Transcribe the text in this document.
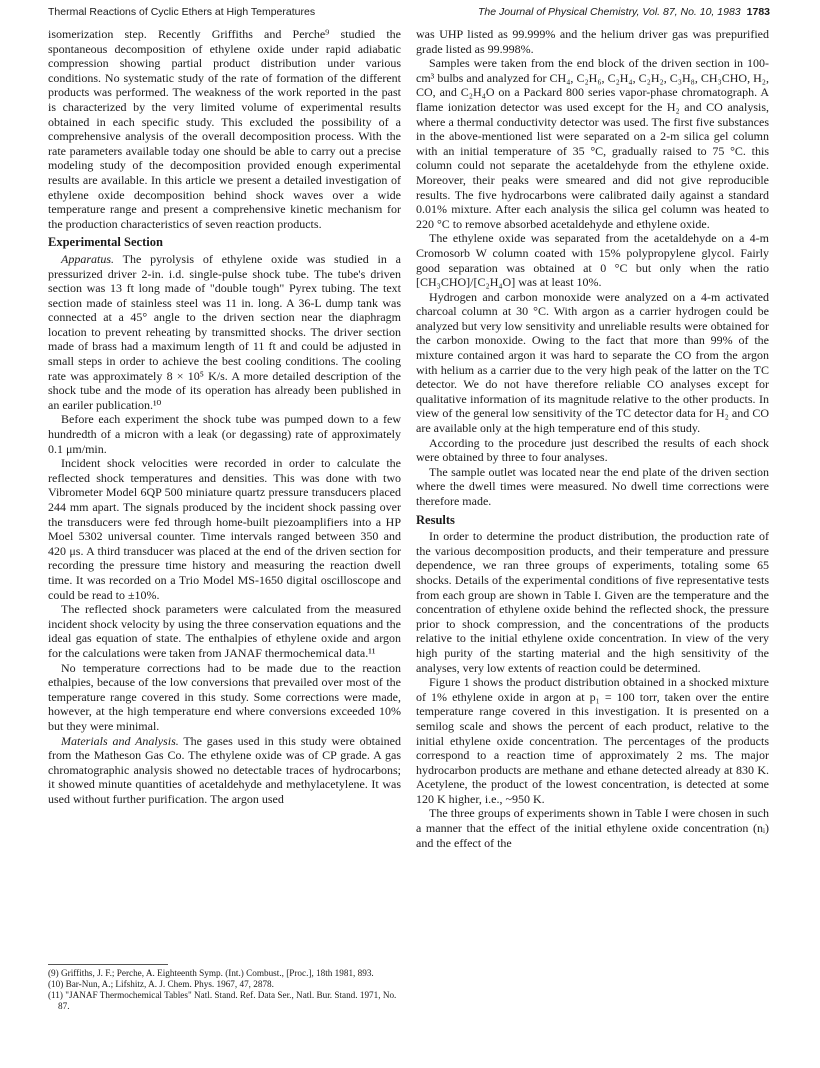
Thermal Reactions of Cyclic Ethers at High Temperatures	The Journal of Physical Chemistry, Vol. 87, No. 10, 1983 1783

isomerization step. Recently Griffiths and Perche⁹ studied the spontaneous decomposition of ethylene oxide under rapid adiabatic compression showing partial product distribution under various conditions. No systematic study of the rate of formation of the different products was performed. The weakness of the work reported in the past is characterized by the very limited volume of experimental results obtained in each specific study. This excluded the possibility of a comprehensive analysis of the overall decomposition process. With the rate parameters available today one should be able to carry out a precise modeling study of the decomposition provided enough experimental results are available. In this article we present a detailed investigation of ethylene oxide decomposition behind shock waves over a wide temperature range and present a comprehensive kinetic mechanism for the production characteristics of seven reaction products.

Experimental Section

Apparatus. The pyrolysis of ethylene oxide was studied in a pressurized driver 2-in. i.d. single-pulse shock tube. The tube's driven section was 13 ft long made of "double tough" Pyrex tubing. The text section made of stainless steel was 11 in. long. A 36-L dump tank was connected at a 45° angle to the driven section near the diaphragm location to prevent reheating by transmitted shocks. The driver section made of brass had a maximum length of 11 ft and could be adjusted in small steps in order to achieve the best cooling conditions. The cooling rate was approximately 8 × 10⁵ K/s. A more detailed description of the shock tube and the mode of its operation has already been published in an eariler publication.¹⁰

Before each experiment the shock tube was pumped down to a few hundredth of a micron with a leak (or degassing) rate of approximately 0.1 μm/min.

Incident shock velocities were recorded in order to calculate the reflected shock temperatures and densities. This was done with two Vibrometer Model 6QP 500 miniature quartz pressure transducers placed 244 mm apart. The signals produced by the incident shock passing over the transducers were fed through home-built piezoamplifiers into a HP Moel 5302 universal counter. Time intervals ranged between 350 and 420 μs. A third transducer was placed at the end of the driven section for recording the pressure time history and measuring the reaction dwell time. It was recorded on a Trio Model MS-1650 digital oscilloscope and could be read to ±10%.

The reflected shock parameters were calculated from the measured incident shock velocity by using the three conservation equations and the ideal gas equation of state. The enthalpies of ethylene oxide and argon for the calculations were taken from JANAF thermochemical data.¹¹

No temperature corrections had to be made due to the reaction ethalpies, because of the low conversions that prevailed over most of the temperature range covered in this study. Some corrections were made, however, at the high temperature end where conversions exceeded 10% but they were minimal.

Materials and Analysis. The gases used in this study were obtained from the Matheson Gas Co. The ethylene oxide was of CP grade. A gas chromatographic analysis showed no detectable traces of hydrocarbons; it showed minute quantities of acetaldehyde and methylacetylene. It was used without further purification. The argon used

(9) Griffiths, J. F.; Perche, A. Eighteenth Symp. (Int.) Combust., [Proc.], 18th 1981, 893.

(10) Bar-Nun, A.; Lifshitz, A. J. Chem. Phys. 1967, 47, 2878.

(11) "JANAF Thermochemical Tables" Natl. Stand. Ref. Data Ser., Natl. Bur. Stand. 1971, No. 87.

was UHP listed as 99.999% and the helium driver gas was prepurified grade listed as 99.998%.

Samples were taken from the end block of the driven section in 100-cm³ bulbs and analyzed for CH₄, C₂H₆, C₂H₄, C₂H₂, C₃H₈, CH₃CHO, H₂, CO, and C₂H₄O on a Packard 800 series vapor-phase chromatograph. A flame ionization detector was used except for the H₂ and CO analysis, where a thermal conductivity detector was used. The first five substances in the above-mentioned list were separated on a 2-m silica gel column with an initial temperature of 35 °C, gradually raised to 75 °C. this column could not separate the acetaldehyde from the ethylene oxide. Moreover, their peaks were smeared and did not give reproducible results. The five hydrocarbons were calibrated daily against a standard 0.01% mixture. After each analysis the silica gel column was heated to 220 °C to remove absorbed acetaldehyde and ethylene oxide.

The ethylene oxide was separated from the acetaldehyde on a 4-m Cromosorb W column coated with 15% polypropylene glycol. Fairly good separation was obtained at 0 °C but only when the ratio [CH₃CHO]/[C₂H₄O] was at least 10%.

Hydrogen and carbon monoxide were analyzed on a 4-m activated charcoal column at 30 °C. With argon as a carrier hydrogen could be analyzed but very low sensitivity and unreliable results were obtained for the carbon monoxide. Owing to the fact that more than 99% of the mixture contained argon it was hard to separate the CO from the argon with helium as a carrier due to the very high peak of the latter on the TC detector. We do not have therefore reliable CO analyses except for qualitative information of its magnitude relative to the other products. In view of the general low sensitivity of the TC detector data for H₂ and CO are available only at the high temperature end of this study.

According to the procedure just described the results of each shock were obtained by three to four analyses.

The sample outlet was located near the end plate of the driven section where the dwell times were measured. No dwell time corrections were therefore made.

Results

In order to determine the product distribution, the production rate of the various decomposition products, and their temperature and pressure dependence, we ran three groups of experiments, totaling some 65 shocks. Details of the experimental conditions of five representative tests from each group are shown in Table I. Given are the temperature and the concentration of ethylene oxide behind the reflected shock, the pressure prior to shock compression, and the concentrations of the products relative to the initial ethylene oxide concentration. In view of the very high purity of the starting material and the high sensitivity of the analyses, very low extents of reaction could be determined.

Figure 1 shows the product distribution obtained in a shocked mixture of 1% ethylene oxide in argon at p₁ = 100 torr, taken over the entire temperature range covered in this investigation. It is presented on a semilog scale and shows the percent of each product, relative to the initial ethylene oxide concentration. The percentages of the products correspond to a reaction time of approximately 2 ms. The major hydrocarbon products are methane and ethane detected already at 830 K. Acetylene, the product of the lowest concentration, is detected at some 120 K higher, i.e., ~950 K.

The three groups of experiments shown in Table I were chosen in such a manner that the effect of the initial ethylene oxide concentration (nᵢ) and the effect of the
